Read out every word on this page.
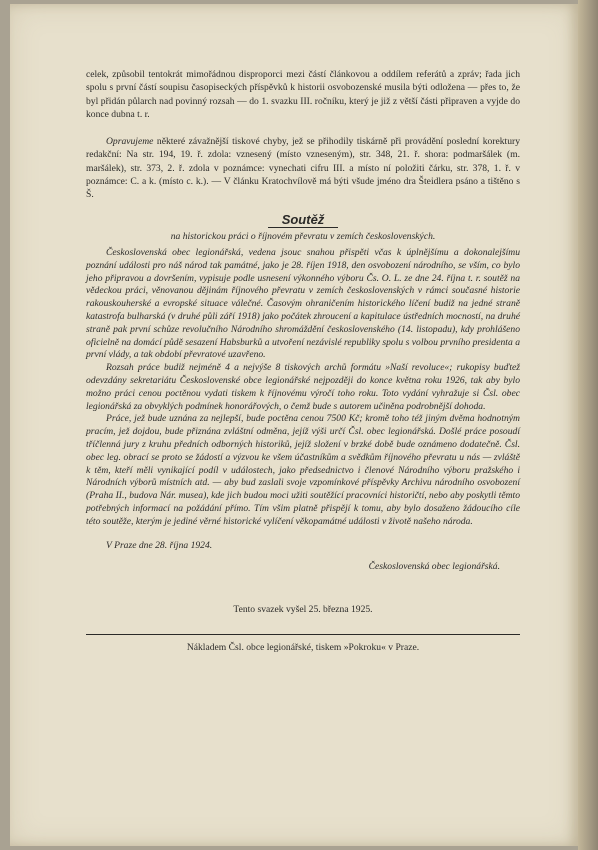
celek, způsobil tentokrát mimořádnou disproporci mezi částí článkovou a oddílem referátů a zpráv; řada jich spolu s první částí soupisu časopiseckých příspěvků k historii osvobozenské musila býti odložena — přes to, že byl přidán půlarch nad povinný rozsah — do 1. svazku III. ročníku, který je již z větší části připraven a vyjde do konce dubna t. r.

Opravujeme některé závažnější tiskové chyby, jež se přihodily tiskárně při provádění poslední korektury redakční: Na str. 194, 19. ř. zdola: vznesený (místo vzneseným), str. 348, 21. ř. shora: podmaršálek (m. maršálek), str. 373, 2. ř. zdola v poznámce: vynechati cifru III. a místo ní položiti čárku, str. 378, 1. ř. v poznámce: C. a k. (místo c. k.). — V článku Kratochvílově má býti všude jméno dra Šteidlera psáno a tištěno s Š.

Soutěž
na historickou práci o říjnovém převratu v zemích československých.

Československá obec legionářská, vedena jsouc snahou přispěti včas k úplnějšímu a dokonalejšímu poznání události pro náš národ tak památné, jako je 28. říjen 1918, den osvobození národního, se vším, co bylo jeho připravou a dovršením, vypisuje podle usnesení výkonného výboru Čs. O. L. ze dne 24. října t. r. soutěž na vědeckou práci, věnovanou dějinám říjnového převratu v zemích československých v rámci současné historie rakouskouherské a evropské situace válečné. Časovým ohraničením historického líčení budiž na jedné straně katastrofa bulharská (v druhé půli září 1918) jako počátek zhroucení a kapitulace ústředních mocností, na druhé straně pak první schůze revolučního Národního shromáždění československého (14. listopadu), kdy prohlášeno oficielně na domácí půdě sesazení Habsburků a utvoření nezávislé republiky spolu s volbou prvního presidenta a první vlády, a tak období převratové uzavřeno.

Rozsah práce budiž nejméně 4 a nejvýše 8 tiskových archů formátu »Naší revoluce«; rukopisy buďtež odevzdány sekretariátu Československé obce legionářské nejpozději do konce května roku 1926, tak aby bylo možno práci cenou poctěnou vydati tiskem k říjnovému výročí toho roku. Toto vydání vyhražuje si Čsl. obec legionářská za obvyklých podmínek honorářových, o čemž bude s autorem učiněna podrobnější dohoda.

Práce, jež bude uznána za nejlepší, bude poctěna cenou 7500 Kč; kromě toho též jiným dvěma hodnotným pracím, jež dojdou, bude přiznána zvláštní odměna, jejíž výši určí Čsl. obec legionářská. Došlé práce posoudí tříčlenná jury z kruhu předních odborných historiků, jejíž složení v brzké době bude oznámeno dodatečně. Čsl. obec leg. obrací se proto se žádostí a výzvou ke všem účastníkům a svědkům říjnového převratu u nás — zvláště k těm, kteří měli vynikající podíl v událostech, jako předsednictvo i členové Národního výboru pražského i Národních výborů místních atd. — aby bud zaslali svoje vzpomínkové příspěvky Archivu národního osvobození (Praha II., budova Nár. musea), kde jich budou moci užiti soutěžící pracovníci historičtí, nebo aby poskytli těmto potřebných informací na požádání přímo. Tím všim platně přispějí k tomu, aby bylo dosaženo žádoucího cíle této soutěže, kterým je jediné věrné historické vylíčení věkopamátné události v životě našeho národa.

V Praze dne 28. října 1924.
Československá obec legionářská.
Tento svazek vyšel 25. března 1925.
Nákladem Čsl. obce legionářské, tiskem »Pokroku« v Praze.
